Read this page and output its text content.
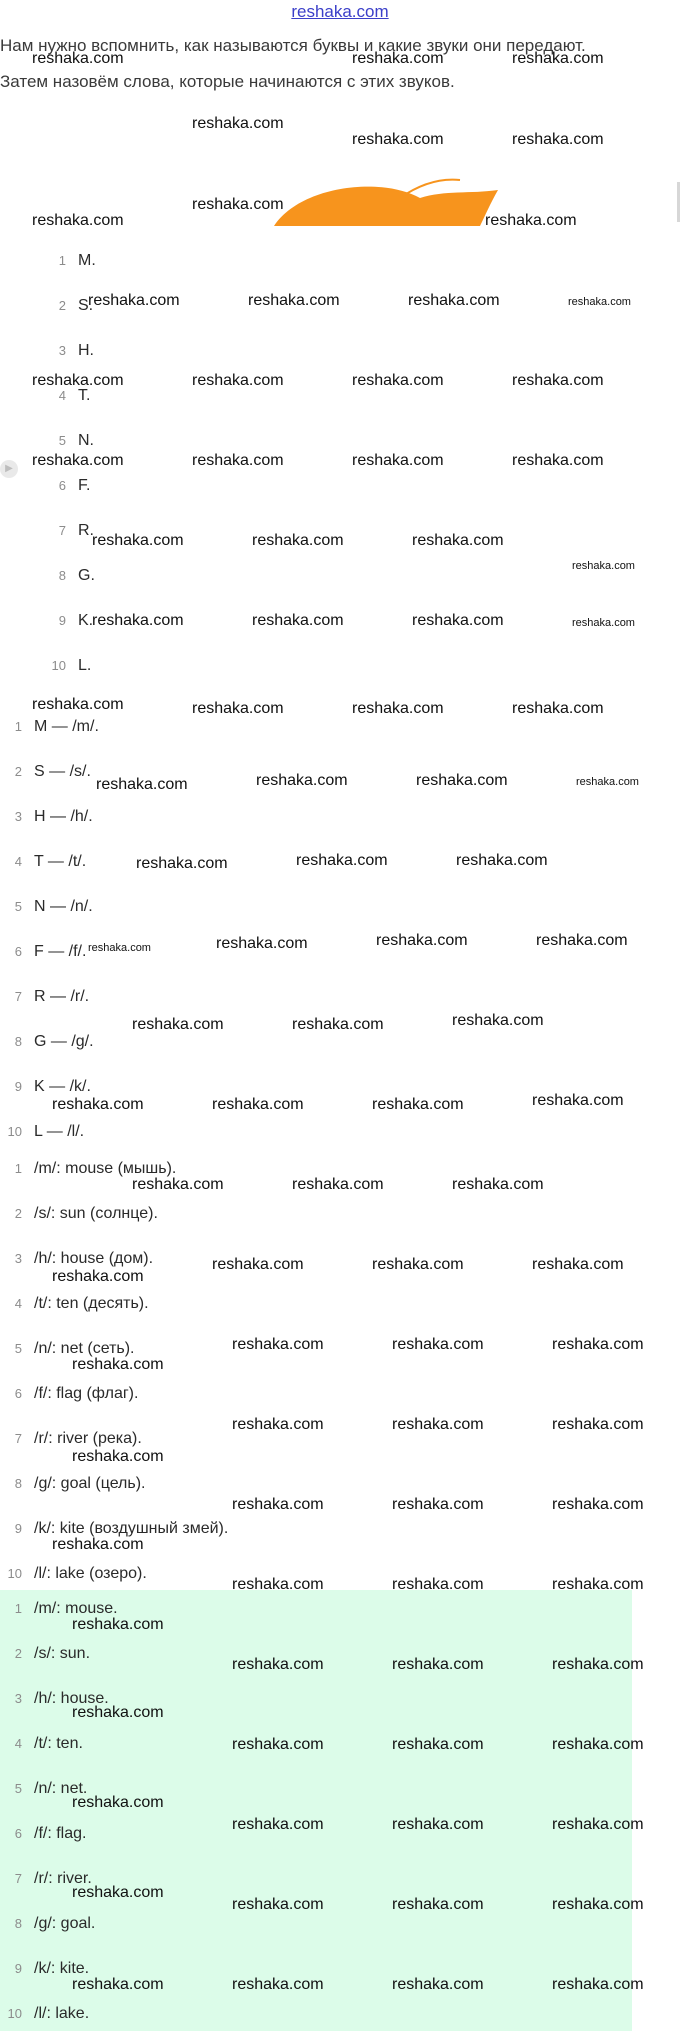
reshaka.com

Нам нужно вспомнить, как называются буквы и какие звуки они передают.

Затем назовём слова, которые начинаются с этих звуков.

1 M.
2 S.
3 H.
4 T.
5 N.
6 F.
7 R.
8 G.
9 K.
10 L.
1 M — /m/.
2 S — /s/.
3 H — /h/.
4 T — /t/.
5 N — /n/.
6 F — /f/.
7 R — /r/.
8 G — /g/.
9 K — /k/.
10 L — /l/.
1 /m/: mouse (мышь).
2 /s/: sun (солнце).
3 /h/: house (дом).
4 /t/: ten (десять).
5 /n/: net (сеть).
6 /f/: flag (флаг).
7 /r/: river (река).
8 /g/: goal (цель).
9 /k/: kite (воздушный змей).
10 /l/: lake (озеро).
1 /m/: mouse.
2 /s/: sun.
3 /h/: house.
4 /t/: ten.
5 /n/: net.
6 /f/: flag.
7 /r/: river.
8 /g/: goal.
9 /k/: kite.
10 /l/: lake.
▶
reshaka.com	reshaka.com	reshaka.com
reshaka.com
reshaka.com	reshaka.com
reshaka.com
reshaka.com	reshaka.com
reshaka.com	reshaka.com	reshaka.com	reshaka.com
reshaka.com	reshaka.com	reshaka.com	reshaka.com
reshaka.com	reshaka.com	reshaka.com	reshaka.com
reshaka.com	reshaka.com	reshaka.com
reshaka.com
reshaka.com	reshaka.com	reshaka.com	reshaka.com
reshaka.com	reshaka.com	reshaka.com	reshaka.com
reshaka.com	reshaka.com	reshaka.com	reshaka.com
reshaka.com	reshaka.com	reshaka.com
reshaka.com	reshaka.com	reshaka.com	reshaka.com
reshaka.com	reshaka.com	reshaka.com
reshaka.com	reshaka.com	reshaka.com	reshaka.com
reshaka.com	reshaka.com	reshaka.com
reshaka.com	reshaka.com	reshaka.com
reshaka.com
reshaka.com
reshaka.com	reshaka.com	reshaka.com
reshaka.com
reshaka.com	reshaka.com	reshaka.com
reshaka.com
reshaka.com	reshaka.com	reshaka.com
reshaka.com	reshaka.com	reshaka.com
reshaka.com
reshaka.com	reshaka.com	reshaka.com
reshaka.com
reshaka.com	reshaka.com	reshaka.com
reshaka.com
reshaka.com	reshaka.com	reshaka.com
reshaka.com
reshaka.com	reshaka.com	reshaka.com
reshaka.com	reshaka.com	reshaka.com	reshaka.com
